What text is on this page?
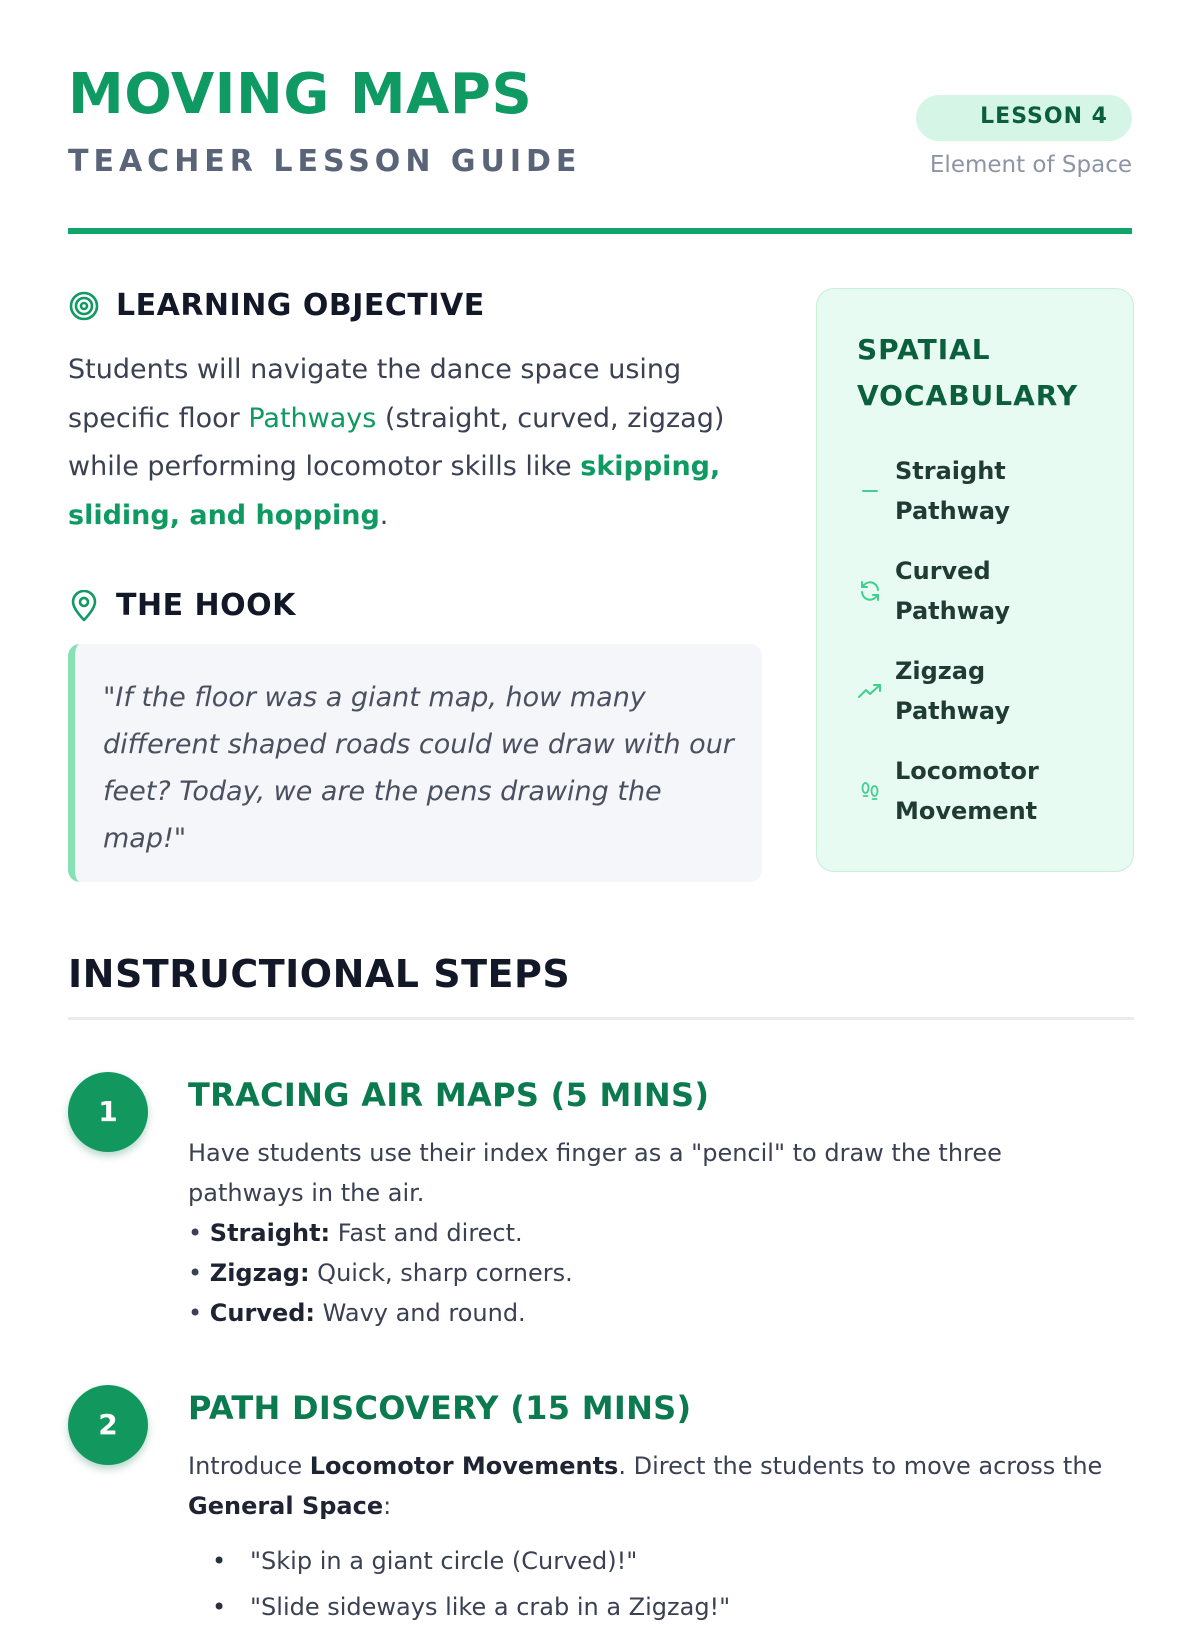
MOVING MAPS
TEACHER LESSON GUIDE
LESSON 4
Element of Space
LEARNING OBJECTIVE
Students will navigate the dance space using specific floor Pathways (straight, curved, zigzag) while performing locomotor skills like skipping, sliding, and hopping.
THE HOOK
"If the floor was a giant map, how many different shaped roads could we draw with our feet? Today, we are the pens drawing the map!"
SPATIAL VOCABULARY
Straight Pathway
Curved Pathway
Zigzag Pathway
Locomotor Movement
INSTRUCTIONAL STEPS
1	TRACING AIR MAPS (5 MINS)
Have students use their index finger as a "pencil" to draw the three pathways in the air.
• Straight: Fast and direct.
• Zigzag: Quick, sharp corners.
• Curved: Wavy and round.
2	PATH DISCOVERY (15 MINS)
Introduce Locomotor Movements. Direct the students to move across the General Space:
• "Skip in a giant circle (Curved)!"
• "Slide sideways like a crab in a Zigzag!"
